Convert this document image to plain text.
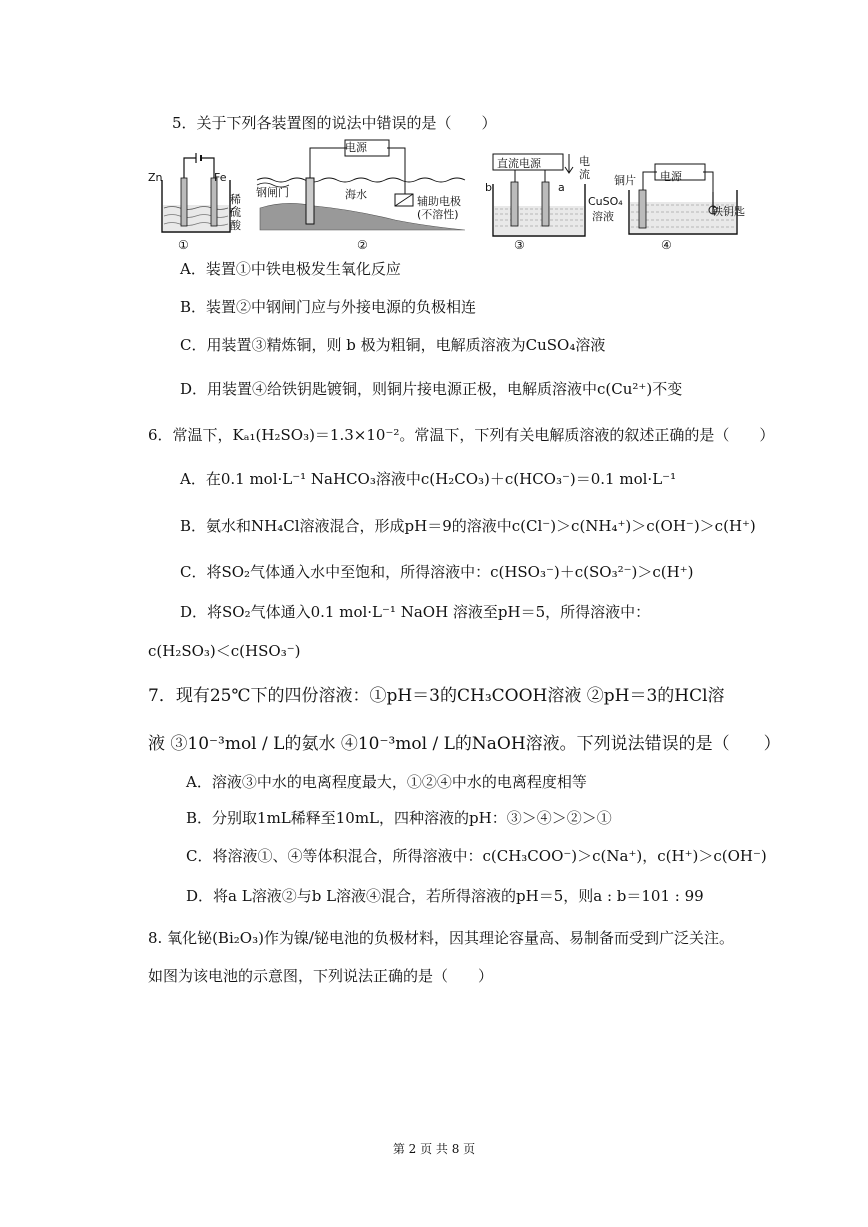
5．关于下列各装置图的说法中错误的是（　　）
Zn	Fe
稀
硫
酸
①
电源
钢闸门	海水
辅助电极
(不溶性)
②
直流电源	电
流
b	a
③
铜片 电源
CuSO₄
溶液	铁钥匙
④
A．装置①中铁电极发生氧化反应
B．装置②中钢闸门应与外接电源的负极相连
C．用装置③精炼铜，则 b 极为粗铜，电解质溶液为CuSO₄溶液
D．用装置④给铁钥匙镀铜，则铜片接电源正极，电解质溶液中c(Cu²⁺)不变
6．常温下，Kₐ₁(H₂SO₃)＝1.3×10⁻²。常温下，下列有关电解质溶液的叙述正确的是（　　）
A．在0.1 mol·L⁻¹ NaHCO₃溶液中c(H₂CO₃)＋c(HCO₃⁻)＝0.1 mol·L⁻¹
B．氨水和NH₄Cl溶液混合，形成pH＝9的溶液中c(Cl⁻)＞c(NH₄⁺)＞c(OH⁻)＞c(H⁺)
C．将SO₂气体通入水中至饱和，所得溶液中：c(HSO₃⁻)＋c(SO₃²⁻)＞c(H⁺)
D．将SO₂气体通入0.1 mol·L⁻¹ NaOH 溶液至pH＝5，所得溶液中：
c(H₂SO₃)＜c(HSO₃⁻)
7．现有25℃下的四份溶液：①pH＝3的CH₃COOH溶液 ②pH＝3的HCl溶
液 ③10⁻³mol / L的氨水 ④10⁻³mol / L的NaOH溶液。下列说法错误的是（　　）
A．溶液③中水的电离程度最大，①②④中水的电离程度相等
B．分别取1mL稀释至10mL，四种溶液的pH：③＞④＞②＞①
C．将溶液①、④等体积混合，所得溶液中：c(CH₃COO⁻)＞c(Na⁺)，c(H⁺)＞c(OH⁻)
D．将a L溶液②与b L溶液④混合，若所得溶液的pH＝5，则a : b＝101 : 99
8. 氧化铋(Bi₂O₃)作为镍/铋电池的负极材料，因其理论容量高、易制备而受到广泛关注。
如图为该电池的示意图，下列说法正确的是（　　）
第 2 页 共 8 页
